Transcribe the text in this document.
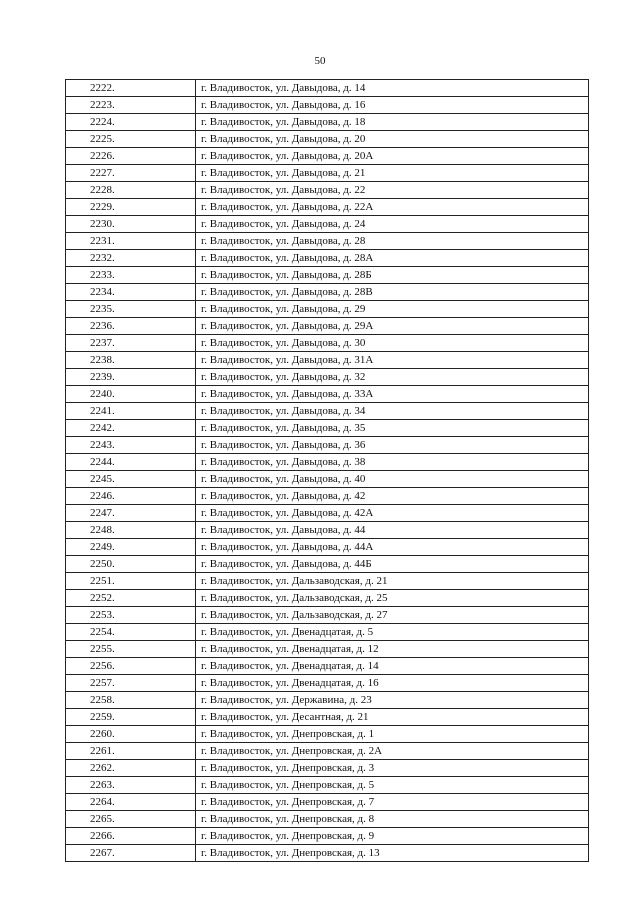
50
2222.	г. Владивосток, ул. Давыдова, д. 14
2223.	г. Владивосток, ул. Давыдова, д. 16
2224.	г. Владивосток, ул. Давыдова, д. 18
2225.	г. Владивосток, ул. Давыдова, д. 20
2226.	г. Владивосток, ул. Давыдова, д. 20А
2227.	г. Владивосток, ул. Давыдова, д. 21
2228.	г. Владивосток, ул. Давыдова, д. 22
2229.	г. Владивосток, ул. Давыдова, д. 22А
2230.	г. Владивосток, ул. Давыдова, д. 24
2231.	г. Владивосток, ул. Давыдова, д. 28
2232.	г. Владивосток, ул. Давыдова, д. 28А
2233.	г. Владивосток, ул. Давыдова, д. 28Б
2234.	г. Владивосток, ул. Давыдова, д. 28В
2235.	г. Владивосток, ул. Давыдова, д. 29
2236.	г. Владивосток, ул. Давыдова, д. 29А
2237.	г. Владивосток, ул. Давыдова, д. 30
2238.	г. Владивосток, ул. Давыдова, д. 31А
2239.	г. Владивосток, ул. Давыдова, д. 32
2240.	г. Владивосток, ул. Давыдова, д. 33А
2241.	г. Владивосток, ул. Давыдова, д. 34
2242.	г. Владивосток, ул. Давыдова, д. 35
2243.	г. Владивосток, ул. Давыдова, д. 36
2244.	г. Владивосток, ул. Давыдова, д. 38
2245.	г. Владивосток, ул. Давыдова, д. 40
2246.	г. Владивосток, ул. Давыдова, д. 42
2247.	г. Владивосток, ул. Давыдова, д. 42А
2248.	г. Владивосток, ул. Давыдова, д. 44
2249.	г. Владивосток, ул. Давыдова, д. 44А
2250.	г. Владивосток, ул. Давыдова, д. 44Б
2251.	г. Владивосток, ул. Дальзаводская, д. 21
2252.	г. Владивосток, ул. Дальзаводская, д. 25
2253.	г. Владивосток, ул. Дальзаводская, д. 27
2254.	г. Владивосток, ул. Двенадцатая, д. 5
2255.	г. Владивосток, ул. Двенадцатая, д. 12
2256.	г. Владивосток, ул. Двенадцатая, д. 14
2257.	г. Владивосток, ул. Двенадцатая, д. 16
2258.	г. Владивосток, ул. Державина, д. 23
2259.	г. Владивосток, ул. Десантная, д. 21
2260.	г. Владивосток, ул. Днепровская, д. 1
2261.	г. Владивосток, ул. Днепровская, д. 2А
2262.	г. Владивосток, ул. Днепровская, д. 3
2263.	г. Владивосток, ул. Днепровская, д. 5
2264.	г. Владивосток, ул. Днепровская, д. 7
2265.	г. Владивосток, ул. Днепровская, д. 8
2266.	г. Владивосток, ул. Днепровская, д. 9
2267.	г. Владивосток, ул. Днепровская, д. 13
